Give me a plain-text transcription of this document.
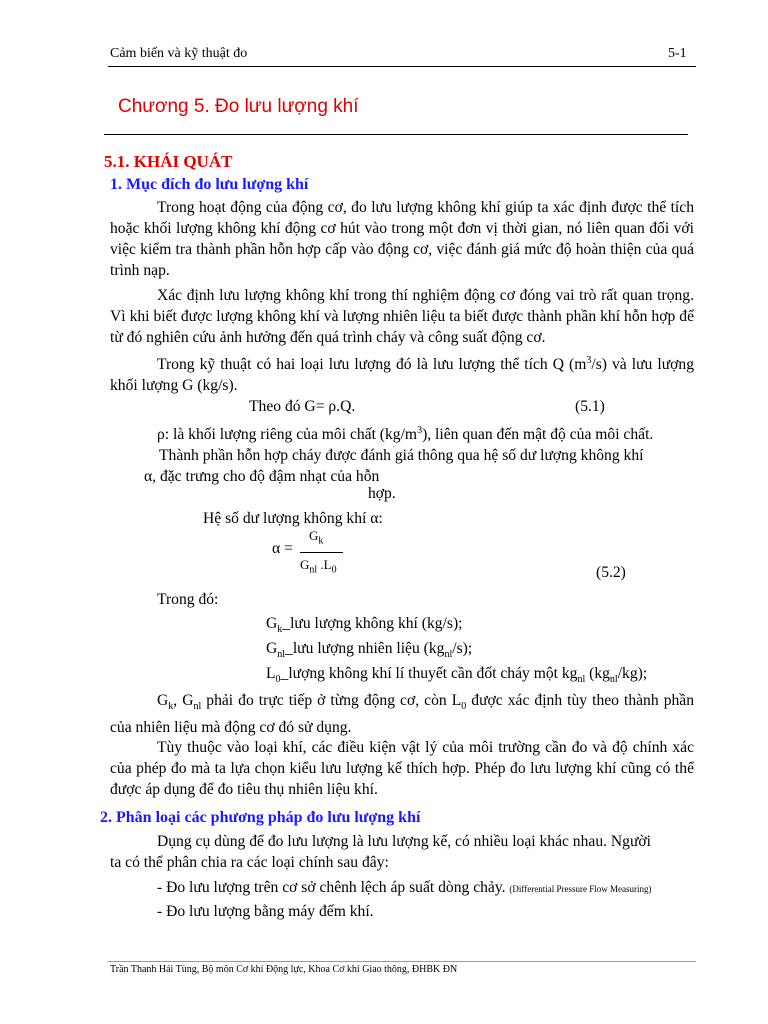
Cảm biến và kỹ thuật đo	5-1
Chương 5. Đo lưu lượng khí
5.1. KHÁI QUÁT
1. Mục đích đo lưu lượng khí
Trong hoạt động của động cơ, đo lưu lượng không khí giúp ta xác định được thể tích hoặc khối lượng không khí động cơ hút vào trong một đơn vị thời gian, nó liên quan đối với việc kiểm tra thành phần hỗn hợp cấp vào động cơ, việc đánh giá mức độ hoàn thiện của quá trình nạp.
Xác định lưu lượng không khí trong thí nghiệm động cơ đóng vai trò rất quan trọng. Vì khi biết được lượng không khí và lượng nhiên liệu ta biết được thành phần khí hỗn hợp để từ đó nghiên cứu ảnh hưởng đến quá trình cháy và công suất động cơ.
Trong kỹ thuật có hai loại lưu lượng đó là lưu lượng thể tích Q $(m^3/s)$ và lưu lượng khối lượng G (kg/s).
Theo đó G= ρ.Q.	(5.1)
ρ: là khối lượng riêng của môi chất $(kg/m^3)$, liên quan đến mật độ của môi chất.
Thành phần hỗn hợp cháy được đánh giá thông qua hệ số dư lượng không khí
α, đặc trưng cho độ đậm nhạt của hỗn
hợp.
Hệ số dư lượng không khí α:
α =
$G_k$
$G_{nl}$ $.L_0$	(5.2)
Trong đó:
$G_k\_lưu$ lượng không khí (kg/s);
$G_{nl}\_lưu$ lượng nhiên liệu $(kg_{nl}/s)$;
$L_0\_lượng$ không khí lí thuyết cần đốt cháy một $kg_{nl}$ $(kg_{nl}/kg)$;
$G_k$, $G_{nl}$ phải đo trực tiếp ở từng động cơ, còn $L_0$ được xác định tùy theo thành phần của nhiên liệu mà động cơ đó sử dụng.
Tùy thuộc vào loại khí, các điều kiện vật lý của môi trường cần đo và độ chính xác của phép đo mà ta lựa chọn kiểu lưu lượng kế thích hợp. Phép đo lưu lượng khí cũng có thể được áp dụng để đo tiêu thụ nhiên liệu khí.
2. Phân loại các phương pháp đo lưu lượng khí
Dụng cụ dùng để đo lưu lượng là lưu lượng kế, có nhiều loại khác nhau. Người
ta có thể phân chia ra các loại chính sau đây:
- Đo lưu lượng trên cơ sở chênh lệch áp suất dòng chảy. (Differential Pressure Flow Measuring)
- Đo lưu lượng bằng máy đếm khí.
Trần Thanh Hải Tùng, Bộ môn Cơ khí Động lực, Khoa Cơ khí Giao thông, ĐHBK ĐN
